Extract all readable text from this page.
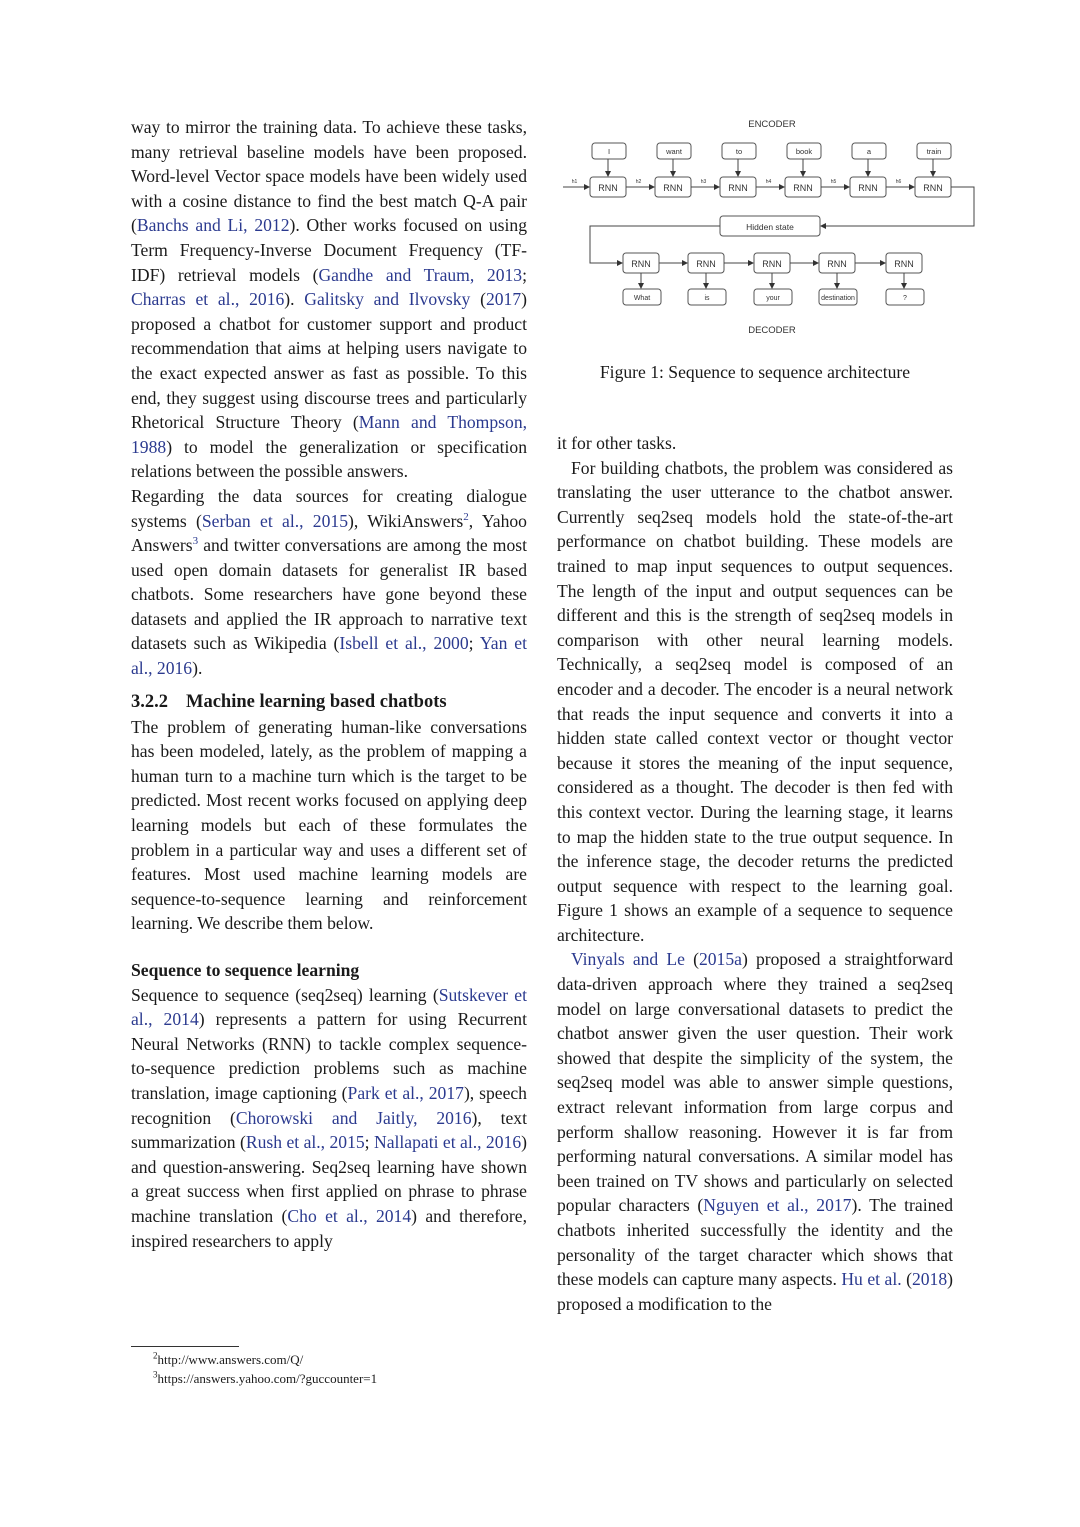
way to mirror the training data. To achieve these tasks, many retrieval baseline models have been proposed. Word-level Vector space models have been widely used with a cosine distance to find the best match Q-A pair (Banchs and Li, 2012). Other works focused on using Term Frequency-Inverse Document Frequency (TF-IDF) retrieval models (Gandhe and Traum, 2013; Charras et al., 2016). Galitsky and Ilvovsky (2017) proposed a chatbot for customer support and product recommendation that aims at helping users navigate to the exact expected answer as fast as possible. To this end, they suggest using discourse trees and particularly Rhetorical Structure Theory (Mann and Thompson, 1988) to model the generalization or specification relations between the possible answers.

Regarding the data sources for creating dialogue systems (Serban et al., 2015), WikiAnswers$^2$, Yahoo Answers$^3$ and twitter conversations are among the most used open domain datasets for generalist IR based chatbots. Some researchers have gone beyond these datasets and applied the IR approach to narrative text datasets such as Wikipedia (Isbell et al., 2000; Yan et al., 2016).

3.2.2 Machine learning based chatbots

The problem of generating human-like conversations has been modeled, lately, as the problem of mapping a human turn to a machine turn which is the target to be predicted. Most recent works focused on applying deep learning models but each of these formulates the problem in a particular way and uses a different set of features. Most used machine learning models are sequence-to-sequence learning and reinforcement learning. We describe them below.

Sequence to sequence learning

Sequence to sequence (seq2seq) learning (Sutskever et al., 2014) represents a pattern for using Recurrent Neural Networks (RNN) to tackle complex sequence-to-sequence prediction problems such as machine translation, image captioning (Park et al., 2017), speech recognition (Chorowski and Jaitly, 2016), text summarization (Rush et al., 2015; Nallapati et al., 2016) and question-answering. Seq2seq learning have shown a great success when first applied on phrase to phrase machine translation (Cho et al., 2014) and therefore, inspired researchers to apply

$^2$http://www.answers.com/Q/
$^3$https://answers.yahoo.com/?guccounter=1
ENCODER
DECODER
I
RNN
h1
want
RNN
h2
to
RNN
h3
book
RNN
h4
a
RNN
h5
train
RNN
h6
Hidden state
RNN
What
RNN
is
RNN
your
RNN
destination
RNN
?
Figure 1: Sequence to sequence architecture

it for other tasks.

For building chatbots, the problem was considered as translating the user utterance to the chatbot answer. Currently seq2seq models hold the state-of-the-art performance on chatbot building. These models are trained to map input sequences to output sequences. The length of the input and output sequences can be different and this is the strength of seq2seq models in comparison with other neural learning models. Technically, a seq2seq model is composed of an encoder and a decoder. The encoder is a neural network that reads the input sequence and converts it into a hidden state called context vector or thought vector because it stores the meaning of the input sequence, considered as a thought. The decoder is then fed with this context vector. During the learning stage, it learns to map the hidden state to the true output sequence. In the inference stage, the decoder returns the predicted output sequence with respect to the learning goal. Figure 1 shows an example of a sequence to sequence architecture.

Vinyals and Le (2015a) proposed a straightforward data-driven approach where they trained a seq2seq model on large conversational datasets to predict the chatbot answer given the user question. Their work showed that despite the simplicity of the system, the seq2seq model was able to answer simple questions, extract relevant information from large corpus and perform shallow reasoning. However it is far from performing natural conversations. A similar model has been trained on TV shows and particularly on selected popular characters (Nguyen et al., 2017). The trained chatbots inherited successfully the identity and the personality of the target character which shows that these models can capture many aspects. Hu et al. (2018) proposed a modification to the
